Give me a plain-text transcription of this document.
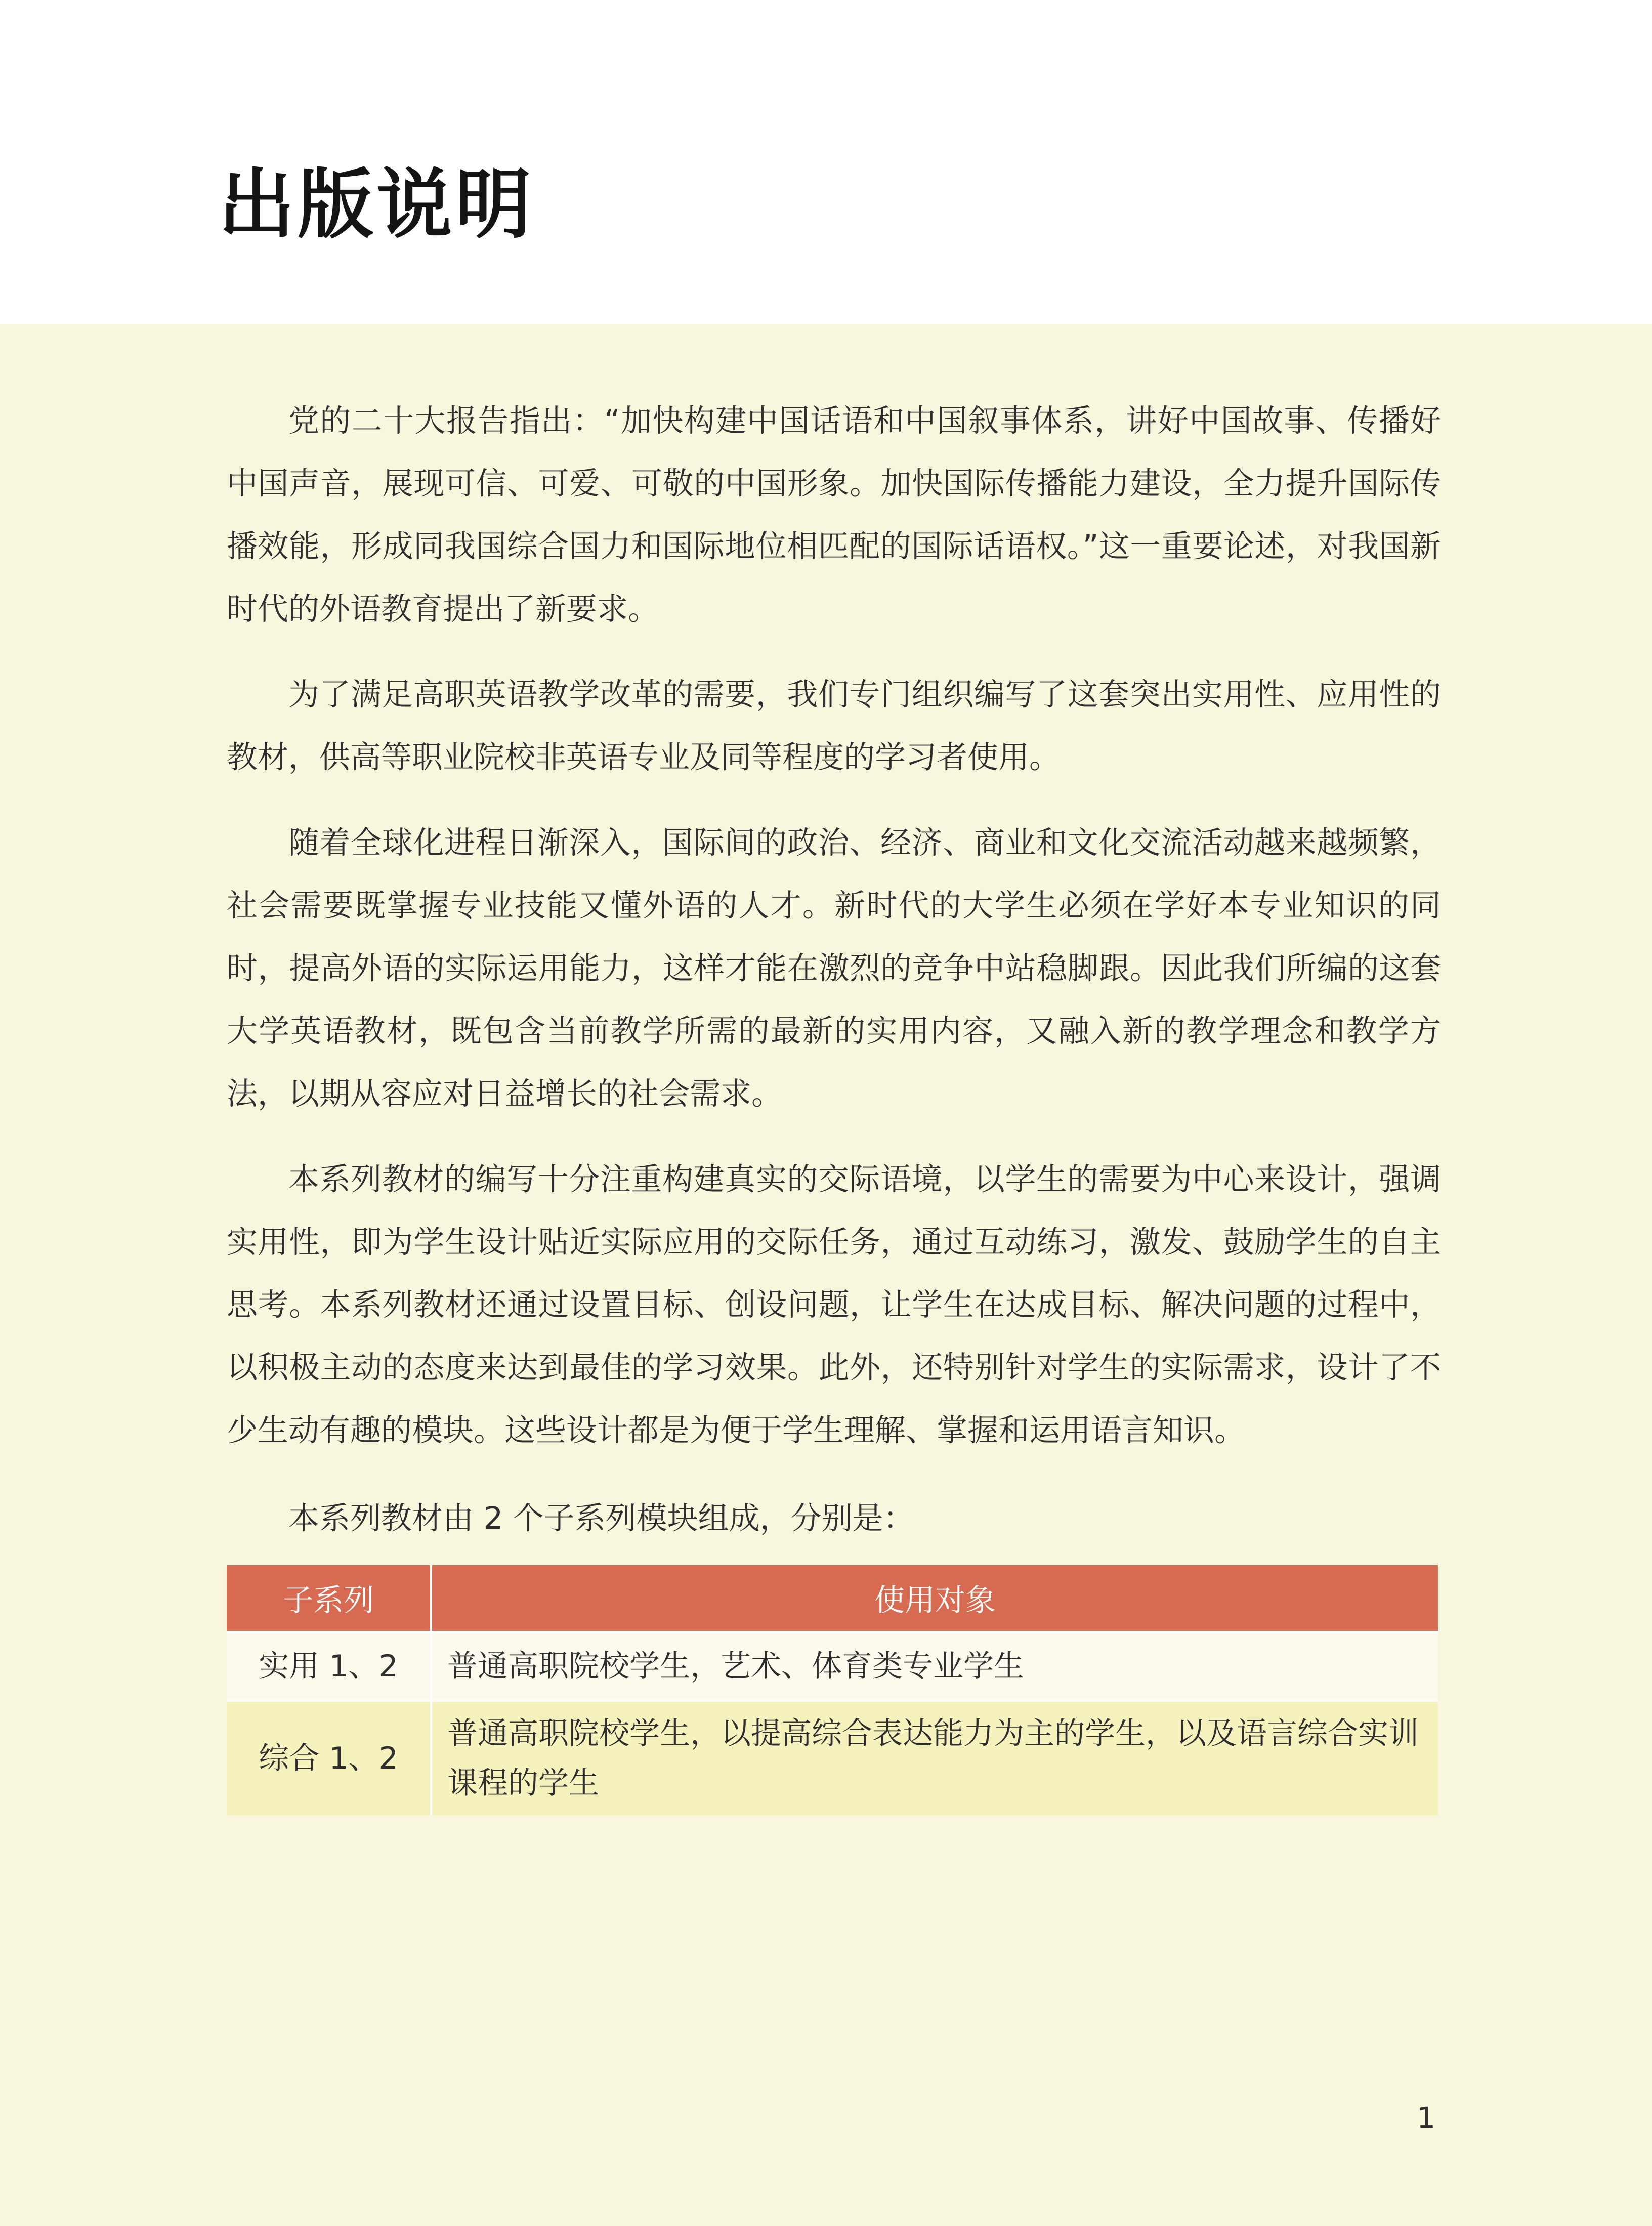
出版说明

党的二十大报告指出：“加快构建中国话语和中国叙事体系，讲好中国故事、传播好中国声音，展现可信、可爱、可敬的中国形象。加快国际传播能力建设，全力提升国际传播效能，形成同我国综合国力和国际地位相匹配的国际话语权。”这一重要论述，对我国新时代的外语教育提出了新要求。

为了满足高职英语教学改革的需要，我们专门组织编写了这套突出实用性、应用性的教材，供高等职业院校非英语专业及同等程度的学习者使用。

随着全球化进程日渐深入，国际间的政治、经济、商业和文化交流活动越来越频繁，社会需要既掌握专业技能又懂外语的人才。新时代的大学生必须在学好本专业知识的同时，提高外语的实际运用能力，这样才能在激烈的竞争中站稳脚跟。因此我们所编的这套大学英语教材，既包含当前教学所需的最新的实用内容，又融入新的教学理念和教学方法，以期从容应对日益增长的社会需求。

本系列教材的编写十分注重构建真实的交际语境，以学生的需要为中心来设计，强调实用性，即为学生设计贴近实际应用的交际任务，通过互动练习，激发、鼓励学生的自主思考。本系列教材还通过设置目标、创设问题，让学生在达成目标、解决问题的过程中，以积极主动的态度来达到最佳的学习效果。此外，还特别针对学生的实际需求，设计了不少生动有趣的模块。这些设计都是为便于学生理解、掌握和运用语言知识。

本系列教材由 2 个子系列模块组成，分别是：

子系列	使用对象
实用 1、2	普通高职院校学生，艺术、体育类专业学生
综合 1、2	普通高职院校学生，以提高综合表达能力为主的学生，以及语言综合实训课程的学生
1
